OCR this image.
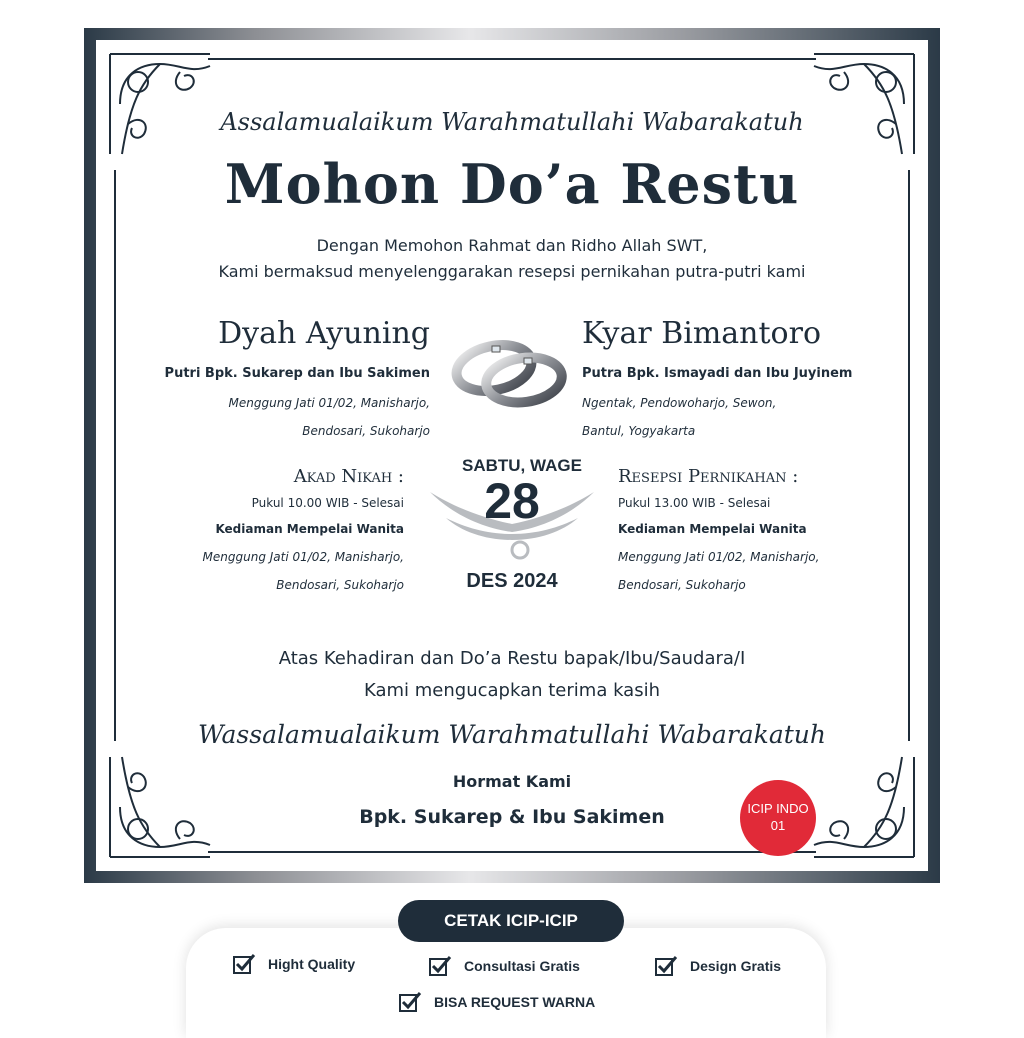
Assalamualaikum Warahmatullahi Wabarakatuh
Mohon Do’a Restu
Dengan Memohon Rahmat dan Ridho Allah SWT,
Kami bermaksud menyelenggarakan resepsi pernikahan putra-putri kami
Dyah Ayuning
Putri Bpk. Sukarep dan Ibu Sakimen
Menggung Jati 01/02, Manisharjo,
Bendosari, Sukoharjo
Kyar Bimantoro
Putra Bpk. Ismayadi dan Ibu Juyinem
Ngentak, Pendowoharjo, Sewon,
Bantul, Yogyakarta
Akad Nikah :
Pukul 10.00 WIB - Selesai
Kediaman Mempelai Wanita
Menggung Jati 01/02, Manisharjo,
Bendosari, Sukoharjo
SABTU, WAGE
28
DES 2024
Resepsi Pernikahan :
Pukul 13.00 WIB - Selesai
Kediaman Mempelai Wanita
Menggung Jati 01/02, Manisharjo,
Bendosari, Sukoharjo
Atas Kehadiran dan Do’a Restu bapak/Ibu/Saudara/I
Kami mengucapkan terima kasih
Wassalamualaikum Warahmatullahi Wabarakatuh
Hormat Kami
Bpk. Sukarep & Ibu Sakimen	ICIP INDO
01
CETAK ICIP-ICIP
Hight Quality	Consultasi Gratis	Design Gratis
BISA REQUEST WARNA
